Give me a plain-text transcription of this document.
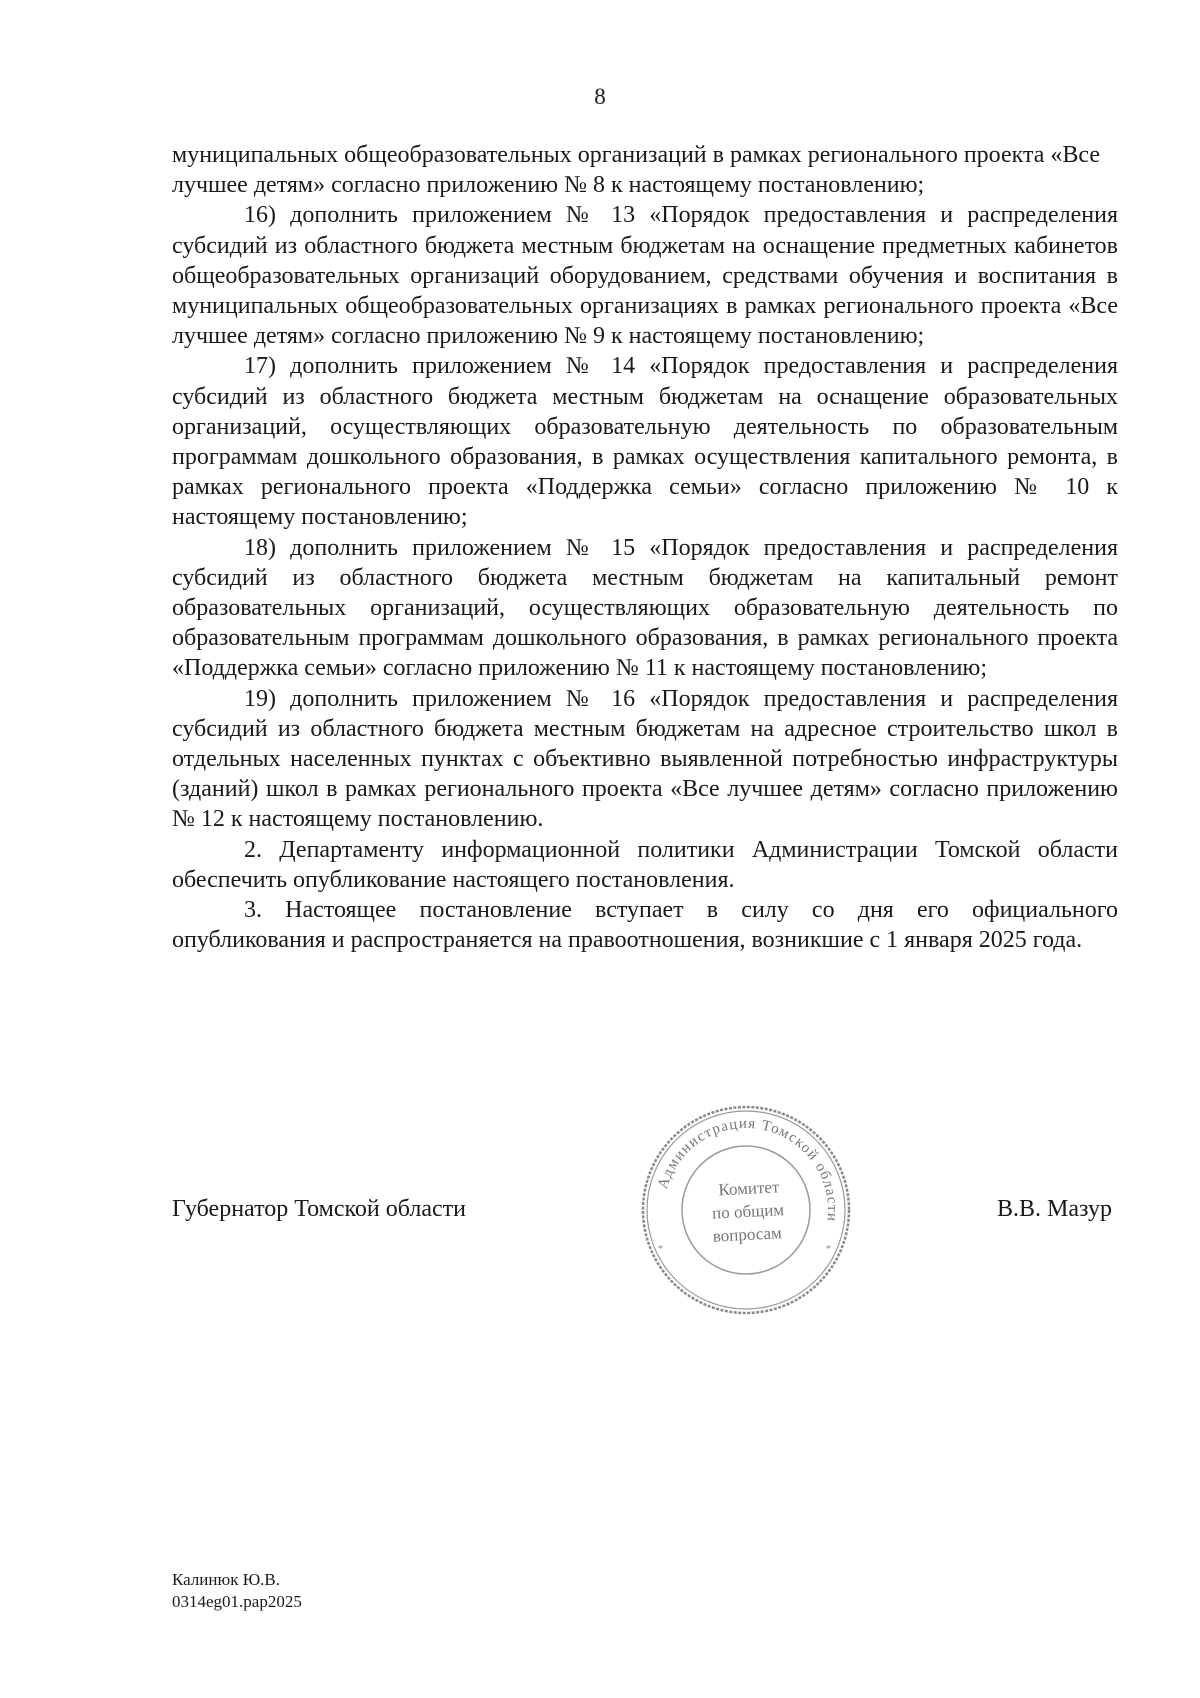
8

муниципальных общеобразовательных организаций в рамках регионального проекта «Все лучшее детям» согласно приложению № 8 к настоящему постановлению;

16) дополнить приложением № 13 «Порядок предоставления и распределения субсидий из областного бюджета местным бюджетам на оснащение предметных кабинетов общеобразовательных организаций оборудованием, средствами обучения и воспитания в муниципальных общеобразовательных организациях в рамках регионального проекта «Все лучшее детям» согласно приложению № 9 к настоящему постановлению;

17) дополнить приложением № 14 «Порядок предоставления и распределения субсидий из областного бюджета местным бюджетам на оснащение образовательных организаций, осуществляющих образовательную деятельность по образовательным программам дошкольного образования, в рамках осуществления капитального ремонта, в рамках регионального проекта «Поддержка семьи» согласно приложению № 10 к настоящему постановлению;

18) дополнить приложением № 15 «Порядок предоставления и распределения субсидий из областного бюджета местным бюджетам на капитальный ремонт образовательных организаций, осуществляющих образовательную деятельность по образовательным программам дошкольного образования, в рамках регионального проекта «Поддержка семьи» согласно приложению № 11 к настоящему постановлению;

19) дополнить приложением № 16 «Порядок предоставления и распределения субсидий из областного бюджета местным бюджетам на адресное строительство школ в отдельных населенных пунктах с объективно выявленной потребностью инфраструктуры (зданий) школ в рамках регионального проекта «Все лучшее детям» согласно приложению № 12 к настоящему постановлению.

2. Департаменту информационной политики Администрации Томской области обеспечить опубликование настоящего постановления.

3. Настоящее постановление вступает в силу со дня его официального опубликования и распространяется на правоотношения, возникшие с 1 января 2025 года.

Губернатор Томской области
Администрация Томской области
*	*
Комитет
по общим
вопросам
В.В. Мазур
Калинюк Ю.В.
0314eg01.pap2025
